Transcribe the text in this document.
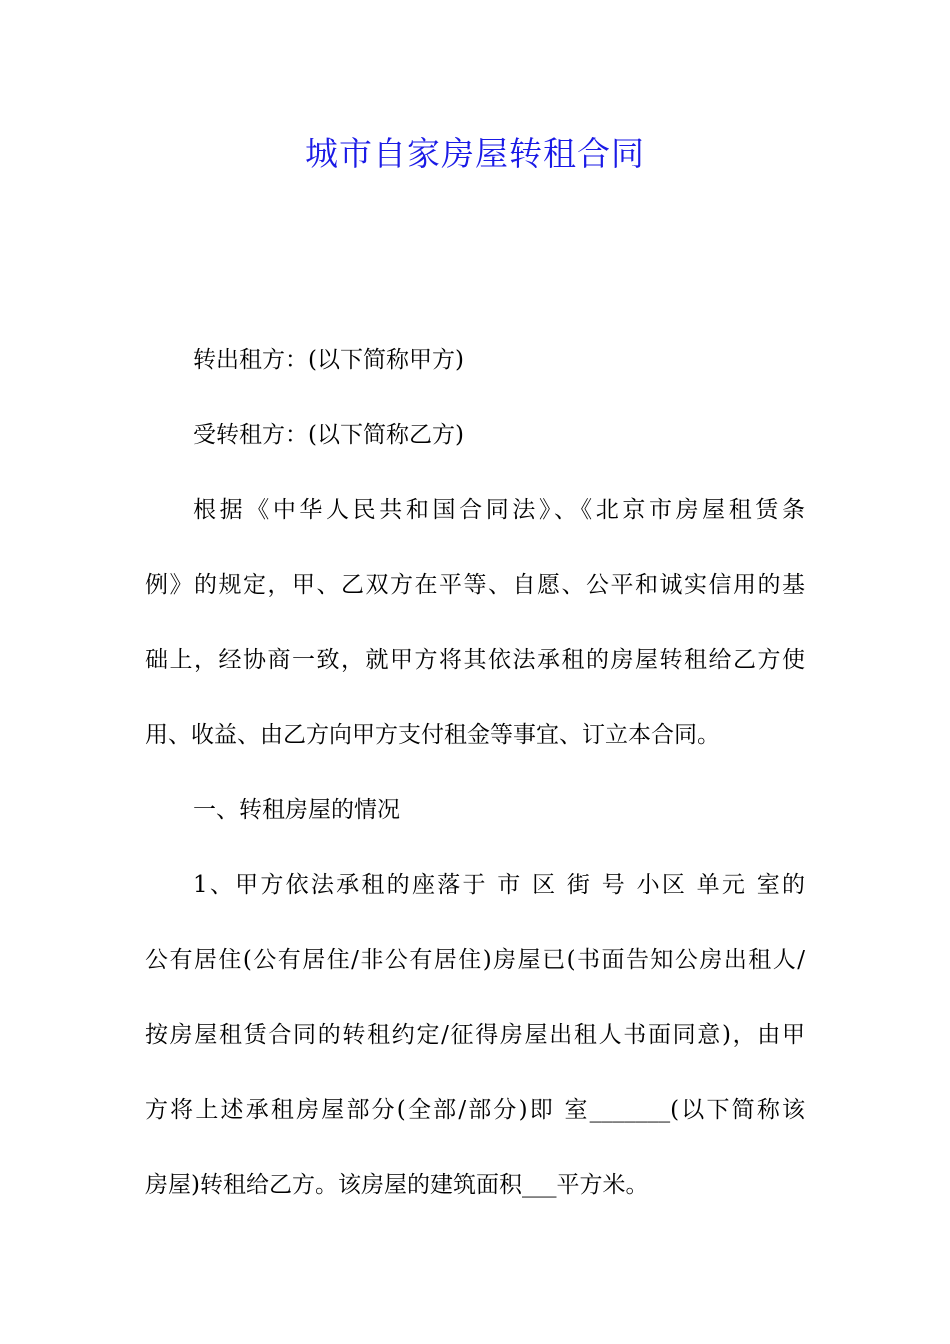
城市自家房屋转租合同
转出租方：(以下简称甲方)
受转租方：(以下简称乙方)
根据《中华人民共和国合同法》、《北京市房屋租赁条
例》的规定，甲、乙双方在平等、自愿、公平和诚实信用的基
础上，经协商一致，就甲方将其依法承租的房屋转租给乙方使
用、收益、由乙方向甲方支付租金等事宜、订立本合同。
一、转租房屋的情况
1、甲方依法承租的座落于 市 区 街 号 小区 单元 室的
公有居住(公有居住/非公有居住)房屋已(书面告知公房出租人/
按房屋租赁合同的转租约定/征得房屋出租人书面同意)，由甲
方将上述承租房屋部分(全部/部分)即 室_______(以下简称该
房屋)转租给乙方。该房屋的建筑面积___平方米。
